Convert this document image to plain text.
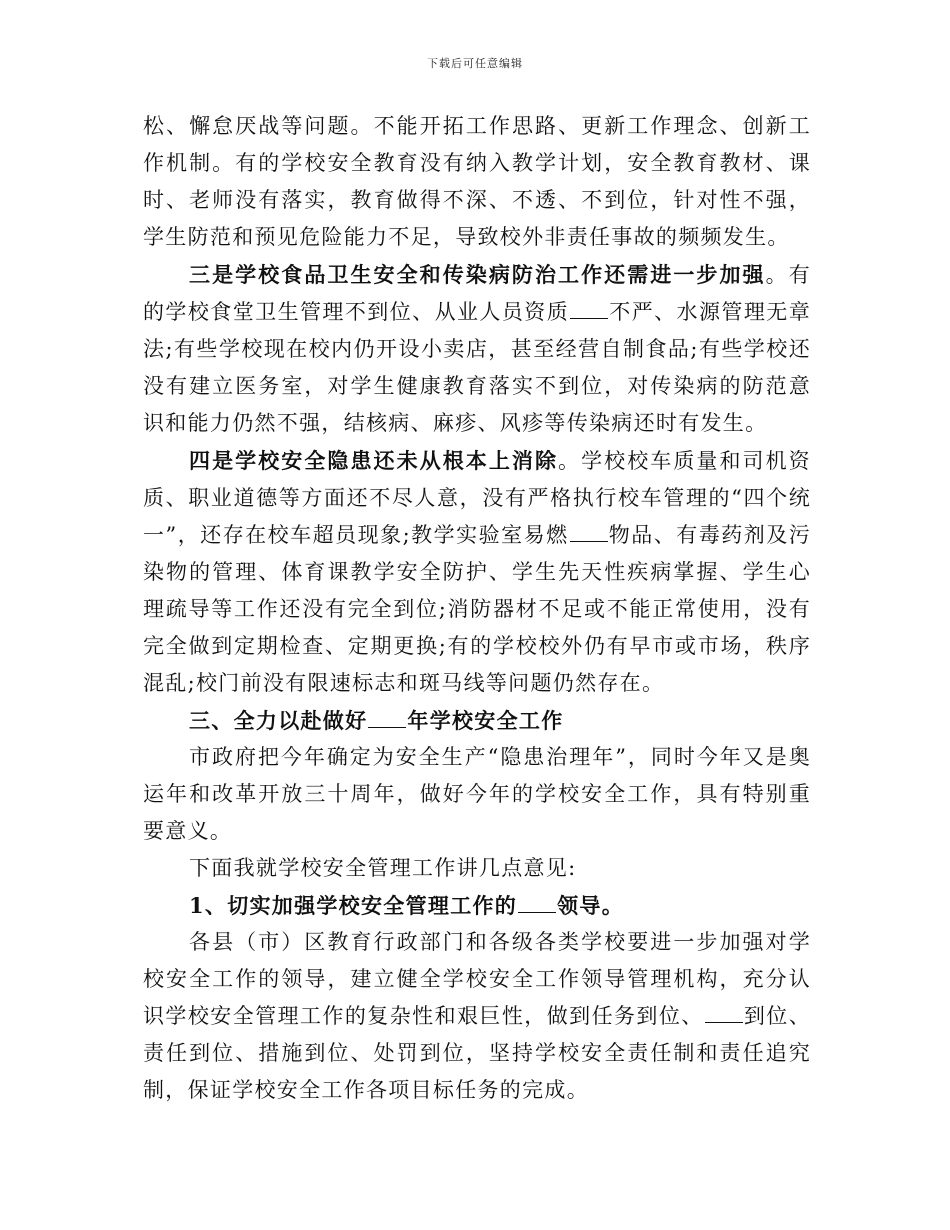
下载后可任意编辑

松、懈怠厌战等问题。不能开拓工作思路、更新工作理念、创新工作机制。有的学校安全教育没有纳入教学计划，安全教育教材、课时、老师没有落实，教育做得不深、不透、不到位，针对性不强，学生防范和预见危险能力不足，导致校外非责任事故的频频发生。

三是学校食品卫生安全和传染病防治工作还需进一步加强。有的学校食堂卫生管理不到位、从业人员资质 不严、水源管理无章法;有些学校现在校内仍开设小卖店，甚至经营自制食品;有些学校还没有建立医务室，对学生健康教育落实不到位，对传染病的防范意识和能力仍然不强，结核病、麻疹、风疹等传染病还时有发生。

四是学校安全隐患还未从根本上消除。学校校车质量和司机资质、职业道德等方面还不尽人意，没有严格执行校车管理的“四个统一”，还存在校车超员现象;教学实验室易燃 物品、有毒药剂及污染物的管理、体育课教学安全防护、学生先天性疾病掌握、学生心理疏导等工作还没有完全到位;消防器材不足或不能正常使用，没有完全做到定期检查、定期更换;有的学校校外仍有早市或市场，秩序混乱;校门前没有限速标志和斑马线等问题仍然存在。

三、全力以赴做好 年学校安全工作

市政府把今年确定为安全生产“隐患治理年”，同时今年又是奥运年和改革开放三十周年，做好今年的学校安全工作，具有特别重要意义。

下面我就学校安全管理工作讲几点意见:

1、切实加强学校安全管理工作的 领导。

各县（市）区教育行政部门和各级各类学校要进一步加强对学校安全工作的领导，建立健全学校安全工作领导管理机构，充分认识学校安全管理工作的复杂性和艰巨性，做到任务到位、 到位、责任到位、措施到位、处罚到位，坚持学校安全责任制和责任追究制，保证学校安全工作各项目标任务的完成。
